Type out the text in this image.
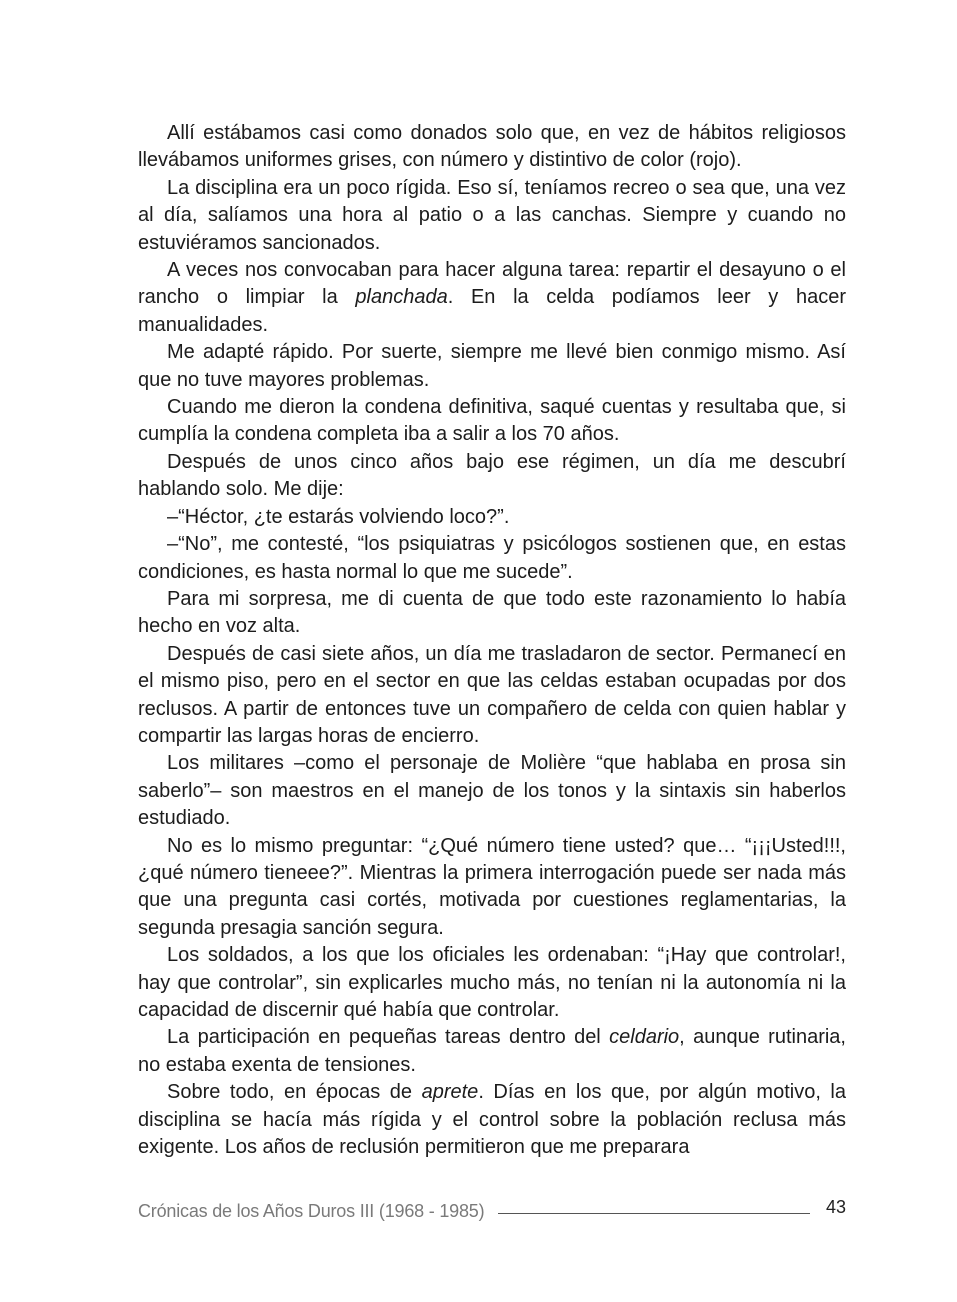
Allí estábamos casi como donados solo que, en vez de hábitos religiosos llevábamos uniformes grises, con número y distintivo de color (rojo).

La disciplina era un poco rígida. Eso sí, teníamos recreo o sea que, una vez al día, salíamos una hora al patio o a las canchas. Siempre y cuando no estuviéramos sancionados.

A veces nos convocaban para hacer alguna tarea: repartir el desayuno o el rancho o limpiar la planchada. En la celda podíamos leer y hacer manualidades.

Me adapté rápido. Por suerte, siempre me llevé bien conmigo mismo. Así que no tuve mayores problemas.

Cuando me dieron la condena definitiva, saqué cuentas y resultaba que, si cumplía la condena completa iba a salir a los 70 años.

Después de unos cinco años bajo ese régimen, un día me descubrí hablando solo. Me dije:

–“Héctor, ¿te estarás volviendo loco?”.

–“No”, me contesté, “los psiquiatras y psicólogos sostienen que, en estas condiciones, es hasta normal lo que me sucede”.

Para mi sorpresa, me di cuenta de que todo este razonamiento lo había hecho en voz alta.

Después de casi siete años, un día me trasladaron de sector. Permanecí en el mismo piso, pero en el sector en que las celdas estaban ocupadas por dos reclusos. A partir de entonces tuve un compañero de celda con quien hablar y compartir las largas horas de encierro.

Los militares –como el personaje de Molière “que hablaba en prosa sin saberlo”– son maestros en el manejo de los tonos y la sintaxis sin haberlos estudiado.

No es lo mismo preguntar: “¿Qué número tiene usted? que… “¡¡¡Usted!!!, ¿qué número tieneee?”. Mientras la primera interrogación puede ser nada más que una pregunta casi cortés, motivada por cuestiones reglamentarias, la segunda presagia sanción segura.

Los soldados, a los que los oficiales les ordenaban: “¡Hay que controlar!, hay que controlar”, sin explicarles mucho más, no tenían ni la autonomía ni la capacidad de discernir qué había que controlar.

La participación en pequeñas tareas dentro del celdario, aunque rutinaria, no estaba exenta de tensiones.

Sobre todo, en épocas de aprete. Días en los que, por algún motivo, la disciplina se hacía más rígida y el control sobre la población reclusa más exigente. Los años de reclusión permitieron que me preparara

Crónicas de los Años Duros III (1968 - 1985)	43
